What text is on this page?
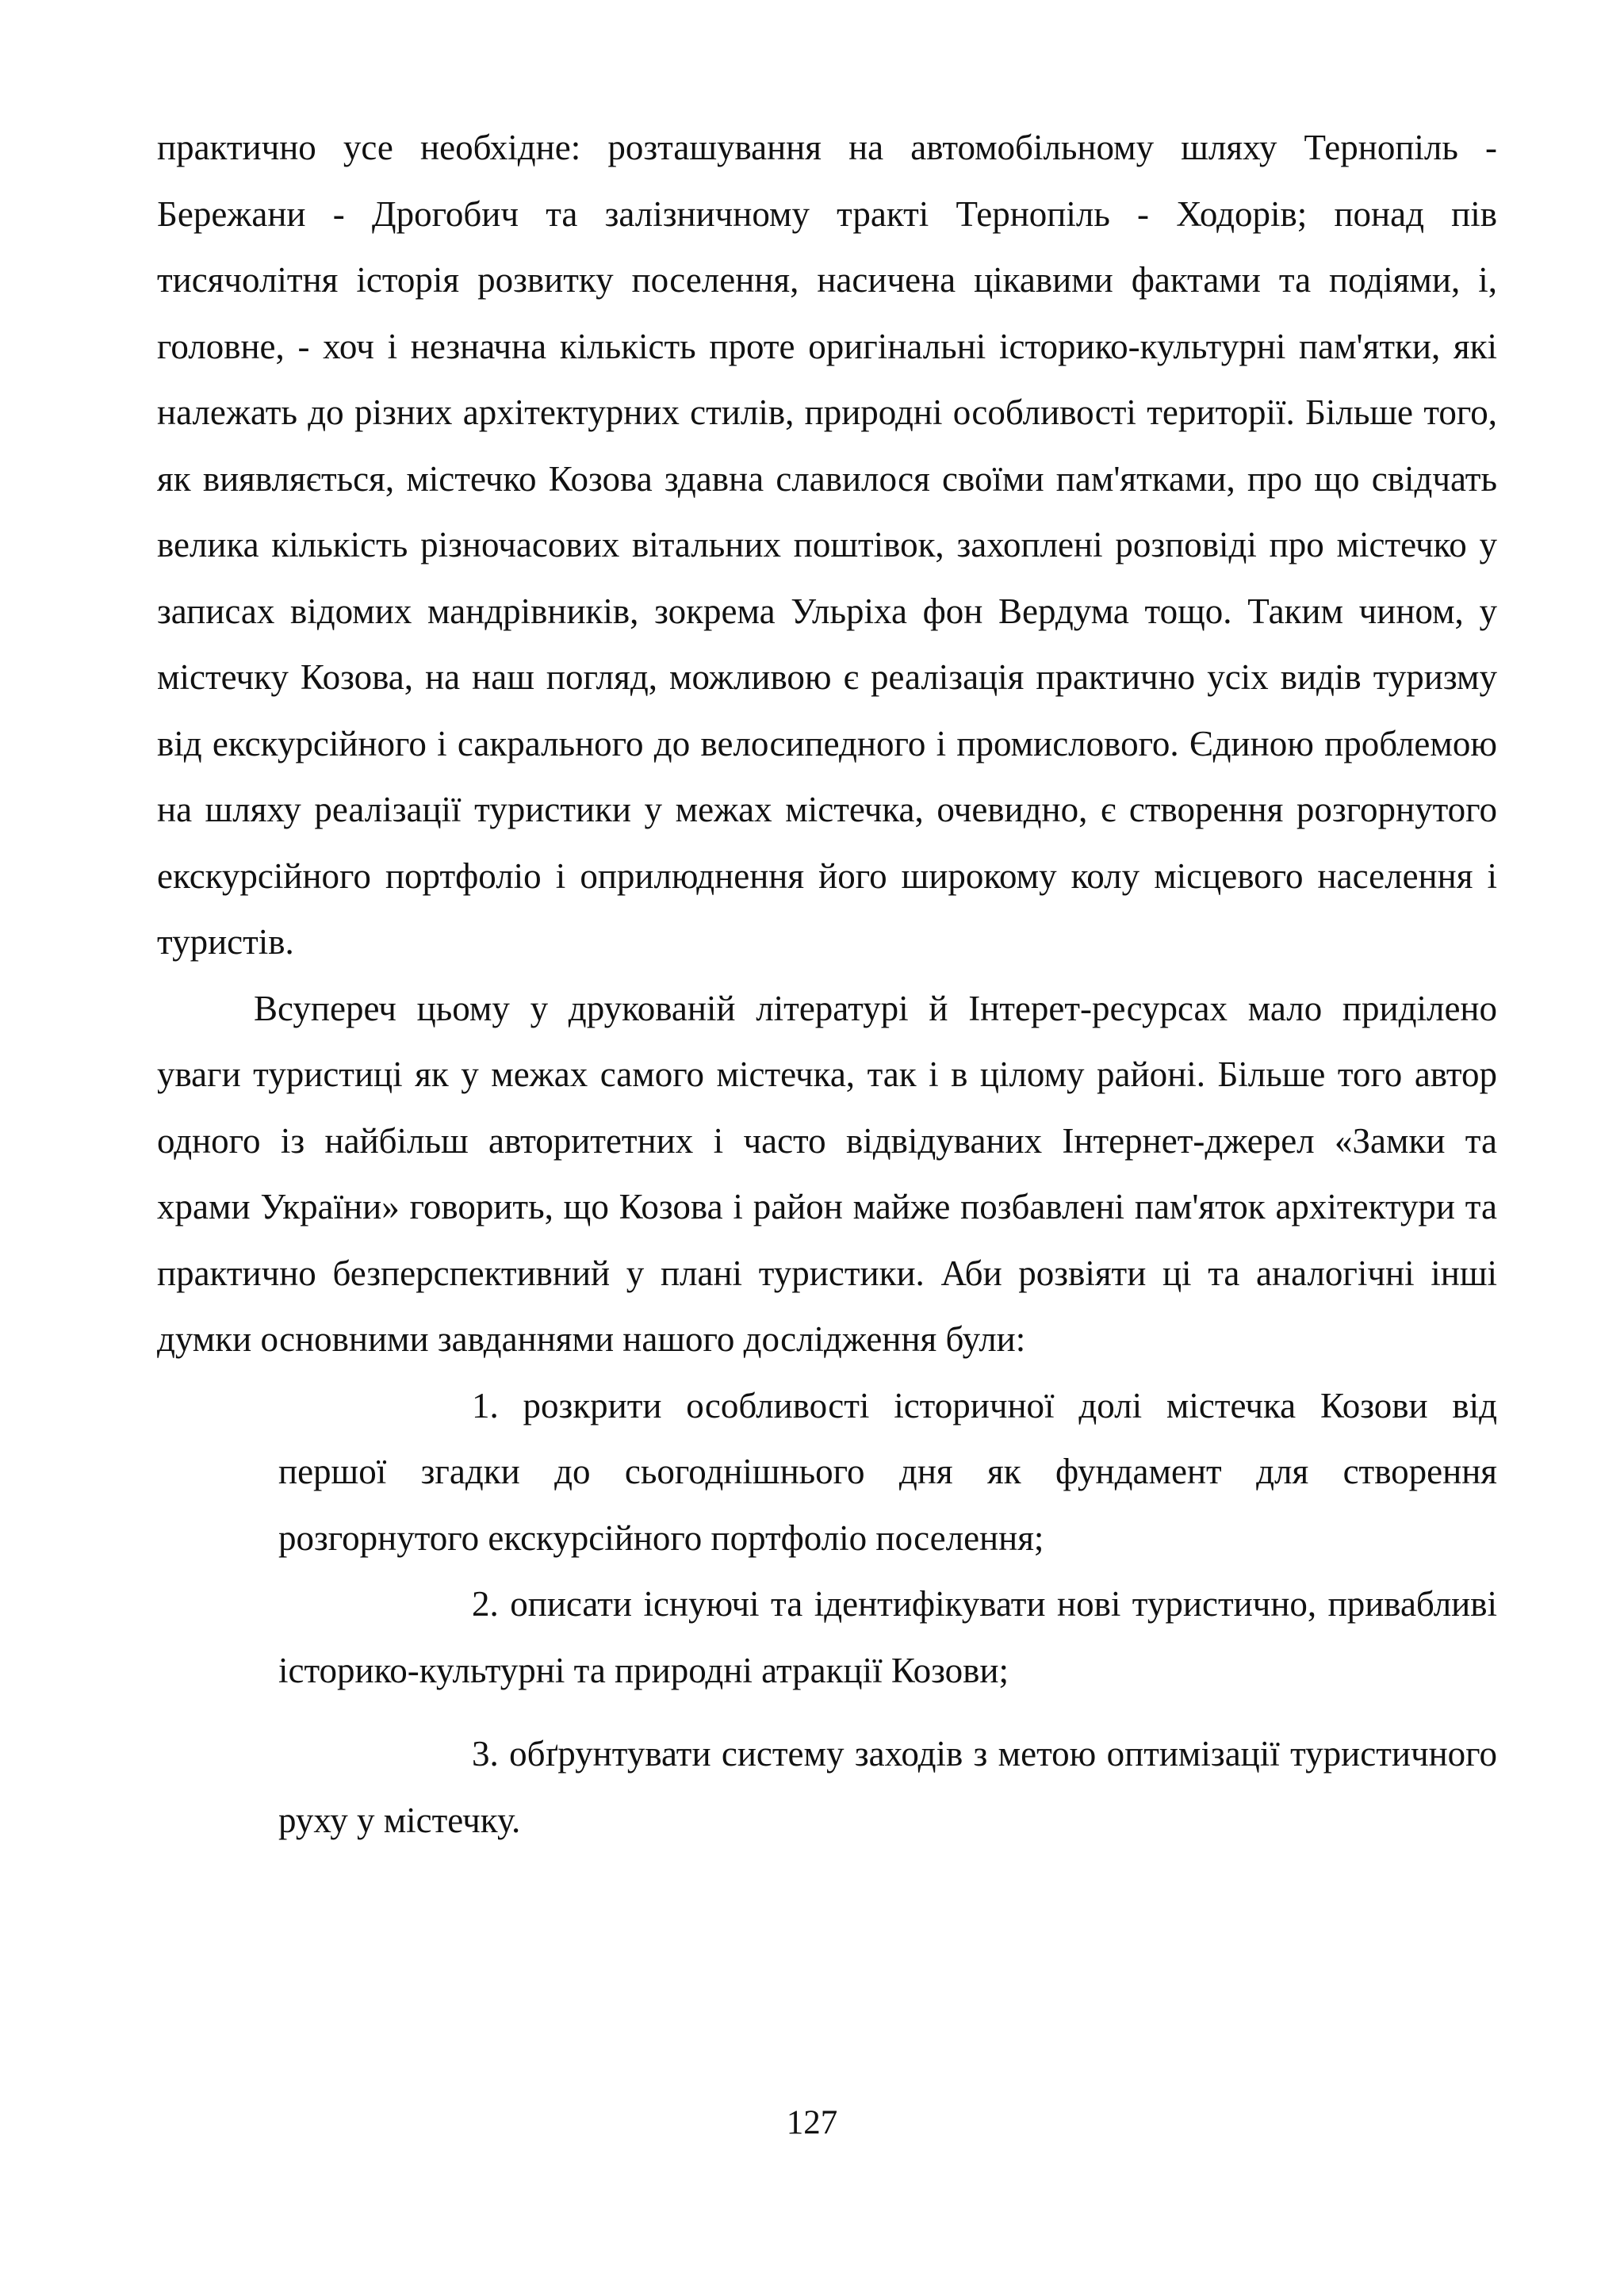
практично усе необхідне: розташування на автомобільному шляху Тернопіль - Бережани - Дрогобич та залізничному тракті Тернопіль - Ходорів; понад пів тисячолітня історія розвитку поселення, насичена цікавими фактами та подіями, і, головне, - хоч і незначна кількість проте оригінальні історико-культурні пам'ятки, які належать до різних архітектурних стилів, природні особливості території. Більше того, як виявляється, містечко Козова здавна славилося своїми пам'ятками, про що свідчать велика кількість різночасових вітальних поштівок, захоплені розповіді про містечко у записах відомих мандрівників, зокрема Ульріха фон Вердума тощо. Таким чином, у містечку Козова, на наш погляд, можливою є реалізація практично усіх видів туризму від екскурсійного і сакрального до велосипедного і промислового. Єдиною проблемою на шляху реалізації туристики у межах містечка, очевидно, є створення розгорнутого екскурсійного портфоліо і оприлюднення його широкому колу місцевого населення і туристів.

Всупереч цьому у друкованій літературі й Інтерет-ресурсах мало приділено уваги туристиці як у межах самого містечка, так і в цілому районі. Більше того автор одного із найбільш авторитетних і часто відвідуваних Інтернет-джерел «Замки та храми України» говорить, що Козова і район майже позбавлені пам'яток архітектури та практично безперспективний у плані туристики. Аби розвіяти ці та аналогічні інші думки основними завданнями нашого дослідження були:

1. розкрити особливості історичної долі містечка Козови від першої згадки до сьогоднішнього дня як фундамент для створення розгорнутого екскурсійного портфоліо поселення;
2. описати існуючі та ідентифікувати нові туристично, привабливі історико-культурні та природні атракції Козови;
3. обґрунтувати систему заходів з метою оптимізації туристичного руху у містечку.
127
